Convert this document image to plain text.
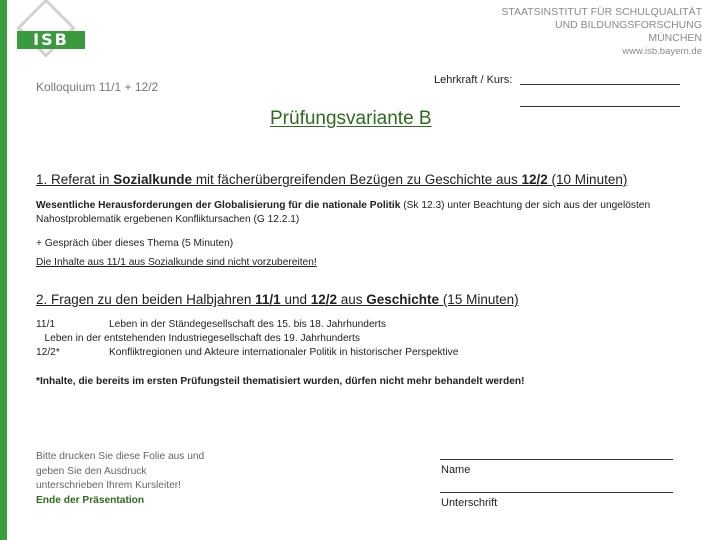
ISB
STAATSINSTITUT FÜR SCHULQUALITÄT
UND BILDUNGSFORSCHUNG
MÜNCHEN
www.isb.bayern.de
Kolloquium 11/1 + 12/2	Lehrkraft / Kurs:
Prüfungsvariante B
1. Referat in Sozialkunde mit fächerübergreifenden Bezügen zu Geschichte aus 12/2 (10 Minuten)
Wesentliche Herausforderungen der Globalisierung für die nationale Politik (Sk 12.3) unter Beachtung der sich aus der ungelösten
Nahostproblematik ergebenen Konfliktursachen (G 12.2.1)
+ Gespräch über dieses Thema (5 Minuten)
Die Inhalte aus 11/1 aus Sozialkunde sind nicht vorzubereiten!
2. Fragen zu den beiden Halbjahren 11/1 und 12/2 aus Geschichte (15 Minuten)
11/1	Leben in der Ständegesellschaft des 15. bis 18. Jahrhunderts
Leben in der entstehenden Industriegesellschaft des 19. Jahrhunderts
12/2*	Konfliktregionen und Akteure internationaler Politik in historischer Perspektive
*Inhalte, die bereits im ersten Prüfungsteil thematisiert wurden, dürfen nicht mehr behandelt werden!
Bitte drucken Sie diese Folie aus und
geben Sie den Ausdruck
unterschrieben Ihrem Kursleiter!
Ende der Präsentation
Name
Unterschrift
